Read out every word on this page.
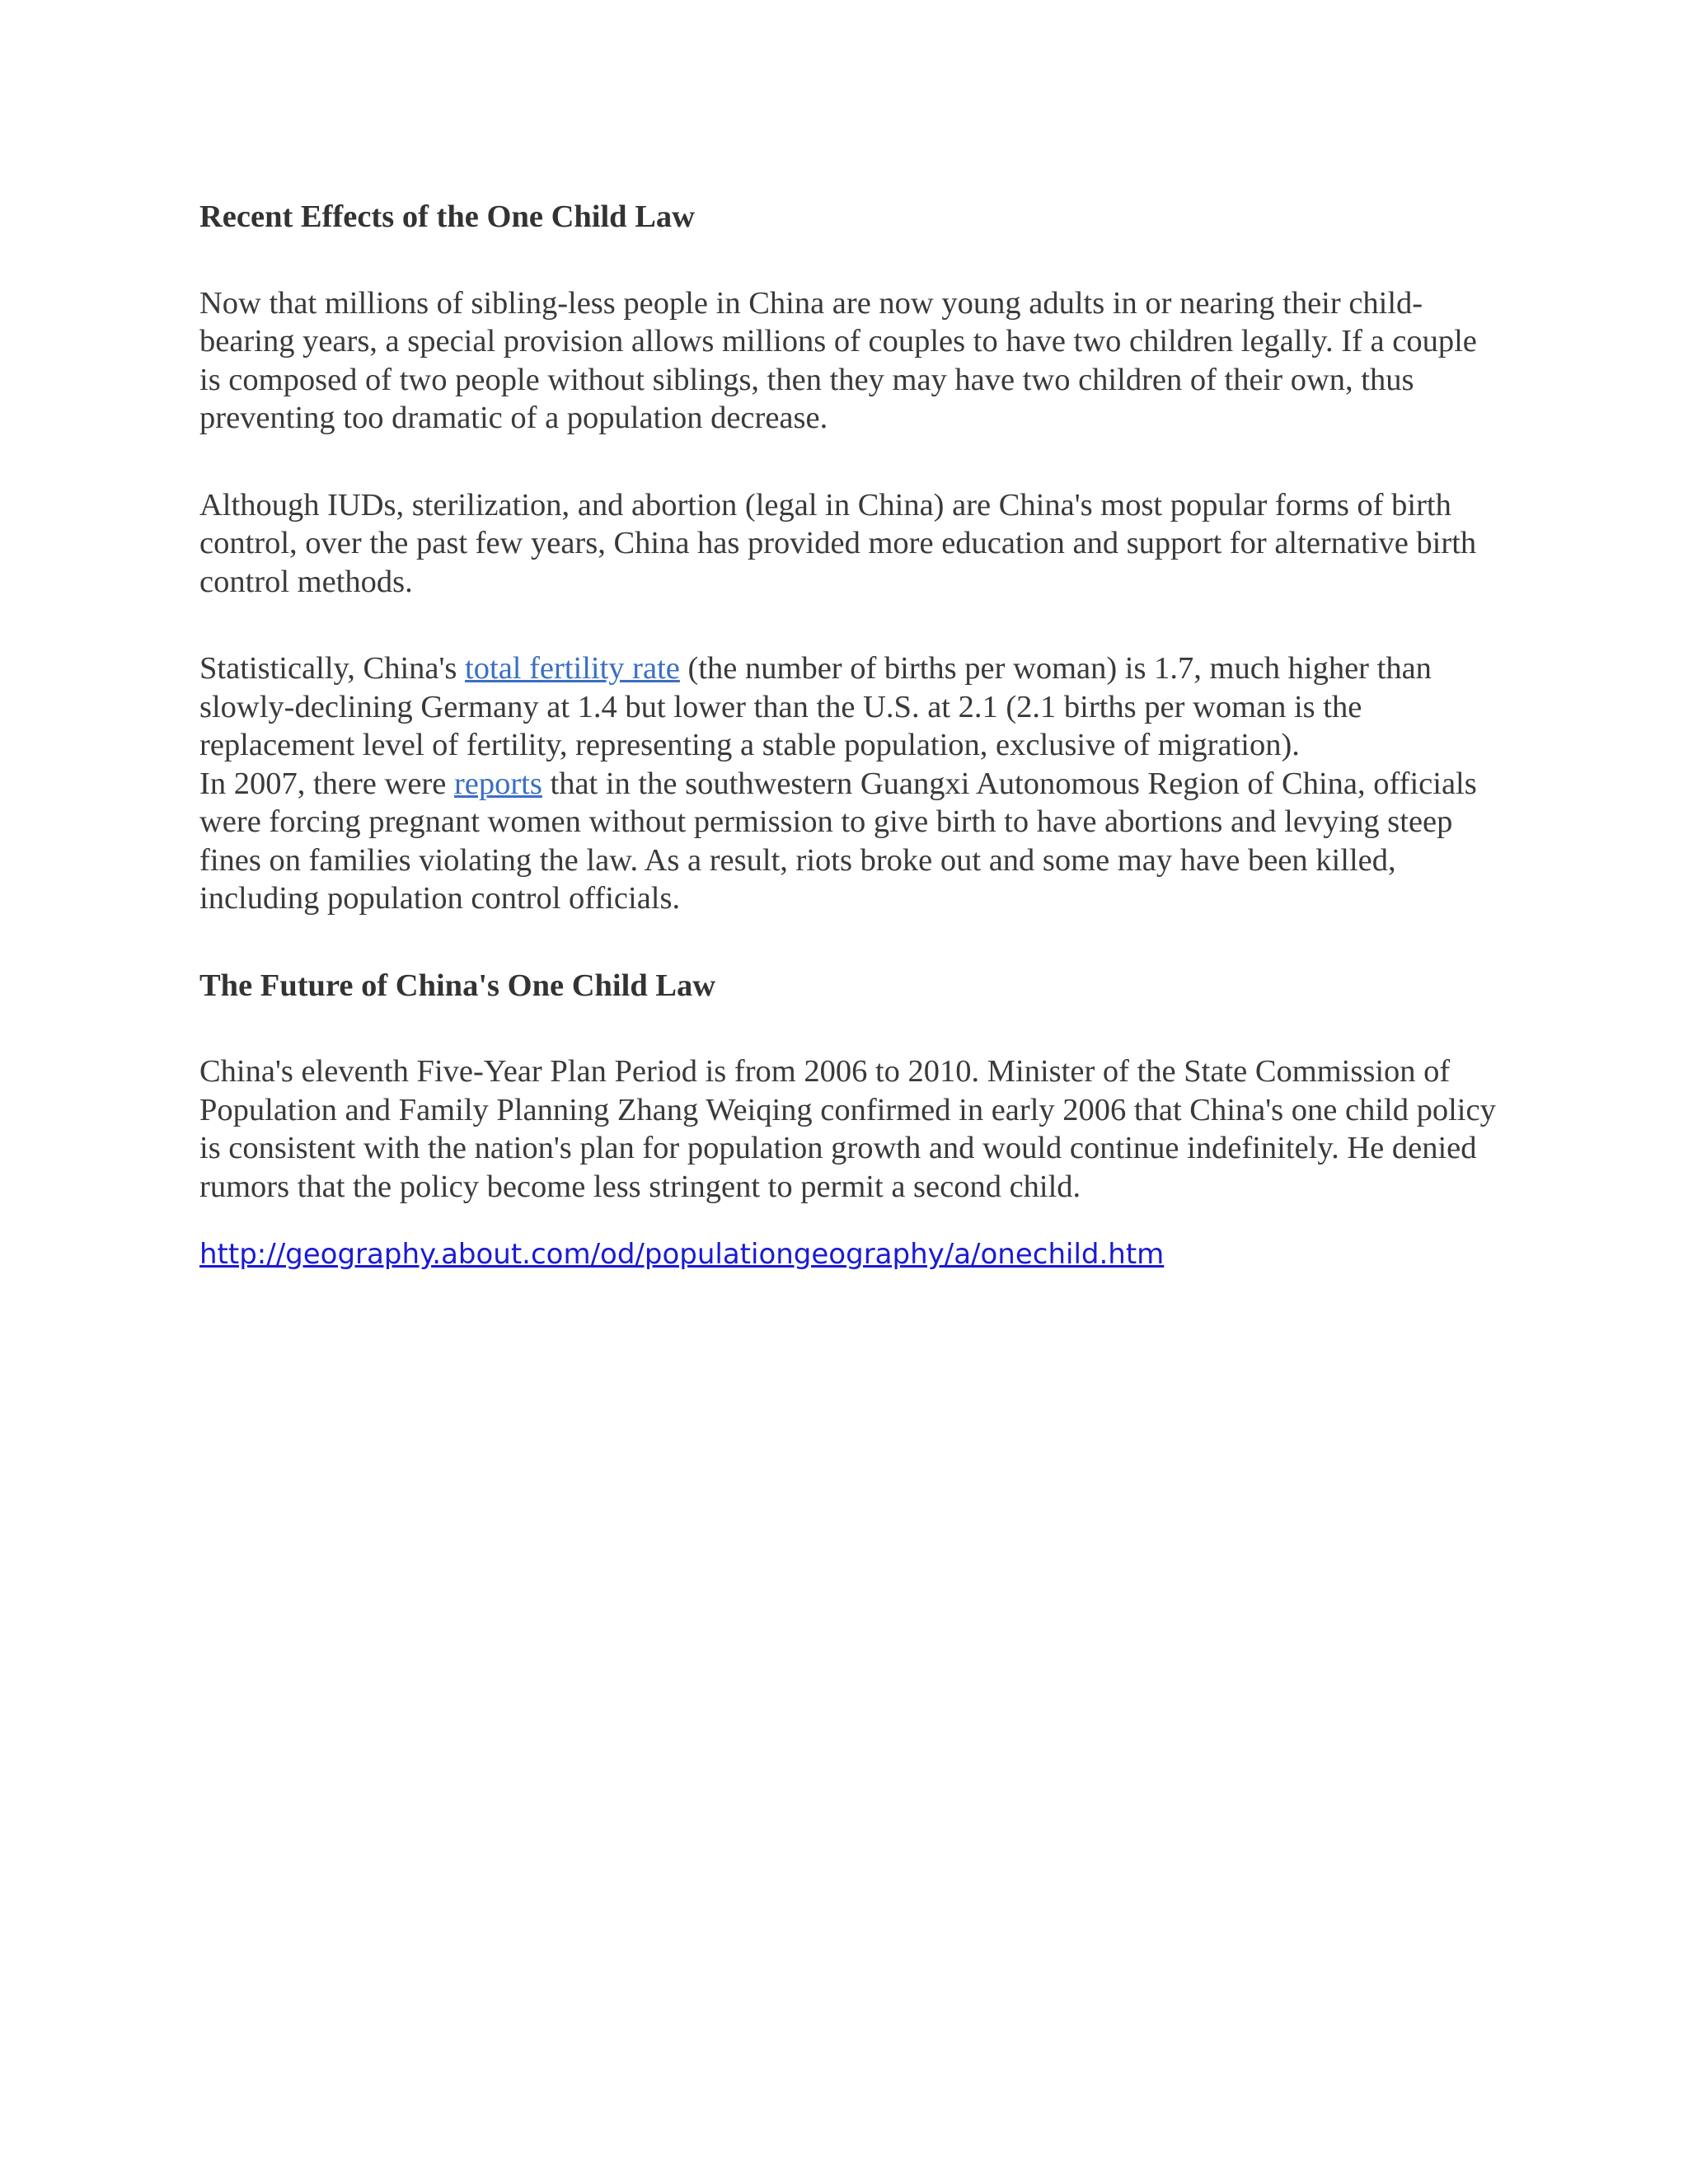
Recent Effects of the One Child Law

Now that millions of sibling-less people in China are now young adults in or nearing their child-bearing years, a special provision allows millions of couples to have two children legally. If a couple is composed of two people without siblings, then they may have two children of their own, thus preventing too dramatic of a population decrease.

Although IUDs, sterilization, and abortion (legal in China) are China's most popular forms of birth control, over the past few years, China has provided more education and support for alternative birth control methods.

Statistically, China's total fertility rate (the number of births per woman) is 1.7, much higher than slowly-declining Germany at 1.4 but lower than the U.S. at 2.1 (2.1 births per woman is the replacement level of fertility, representing a stable population, exclusive of migration).

In 2007, there were reports that in the southwestern Guangxi Autonomous Region of China, officials were forcing pregnant women without permission to give birth to have abortions and levying steep fines on families violating the law. As a result, riots broke out and some may have been killed, including population control officials.

The Future of China's One Child Law

China's eleventh Five-Year Plan Period is from 2006 to 2010. Minister of the State Commission of Population and Family Planning Zhang Weiqing confirmed in early 2006 that China's one child policy is consistent with the nation's plan for population growth and would continue indefinitely. He denied rumors that the policy become less stringent to permit a second child.

http://geography.about.com/od/populationgeography/a/onechild.htm
